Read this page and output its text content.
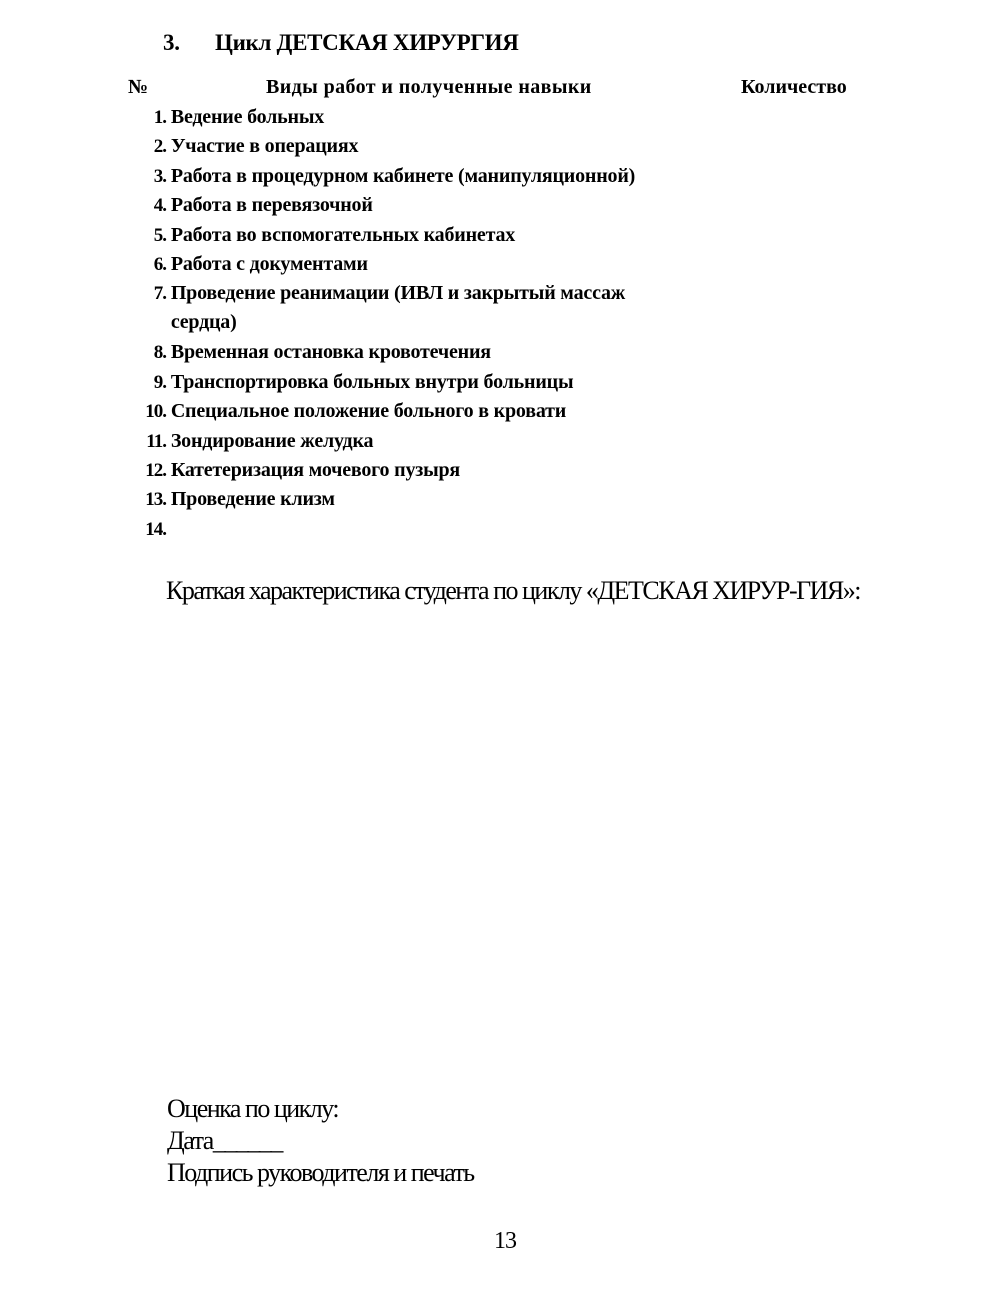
3. Цикл ДЕТСКАЯ ХИРУРГИЯ
№	Виды работ и полученные навыки	Количество
1.
Ведение больных
2.
Участие в операциях
3.
Работа в процедурном кабинете (манипуляционной)
4.
Работа в перевязочной
5.
Работа во вспомогательных кабинетах
6.
Работа с документами
7.
Проведение реанимации (ИВЛ и закрытый массаж
сердца)
8.
Временная остановка кровотечения
9.
Транспортировка больных внутри больницы
10.
Специальное положение больного в кровати
11.
Зондирование желудка
12.
Катетеризация мочевого пузыря
13.
Проведение клизм
14.

Краткая характеристика студента по циклу «ДЕТСКАЯ ХИРУР-ГИЯ»:
Оценка по циклу:
Дата______
Подпись руководителя и печать
13
